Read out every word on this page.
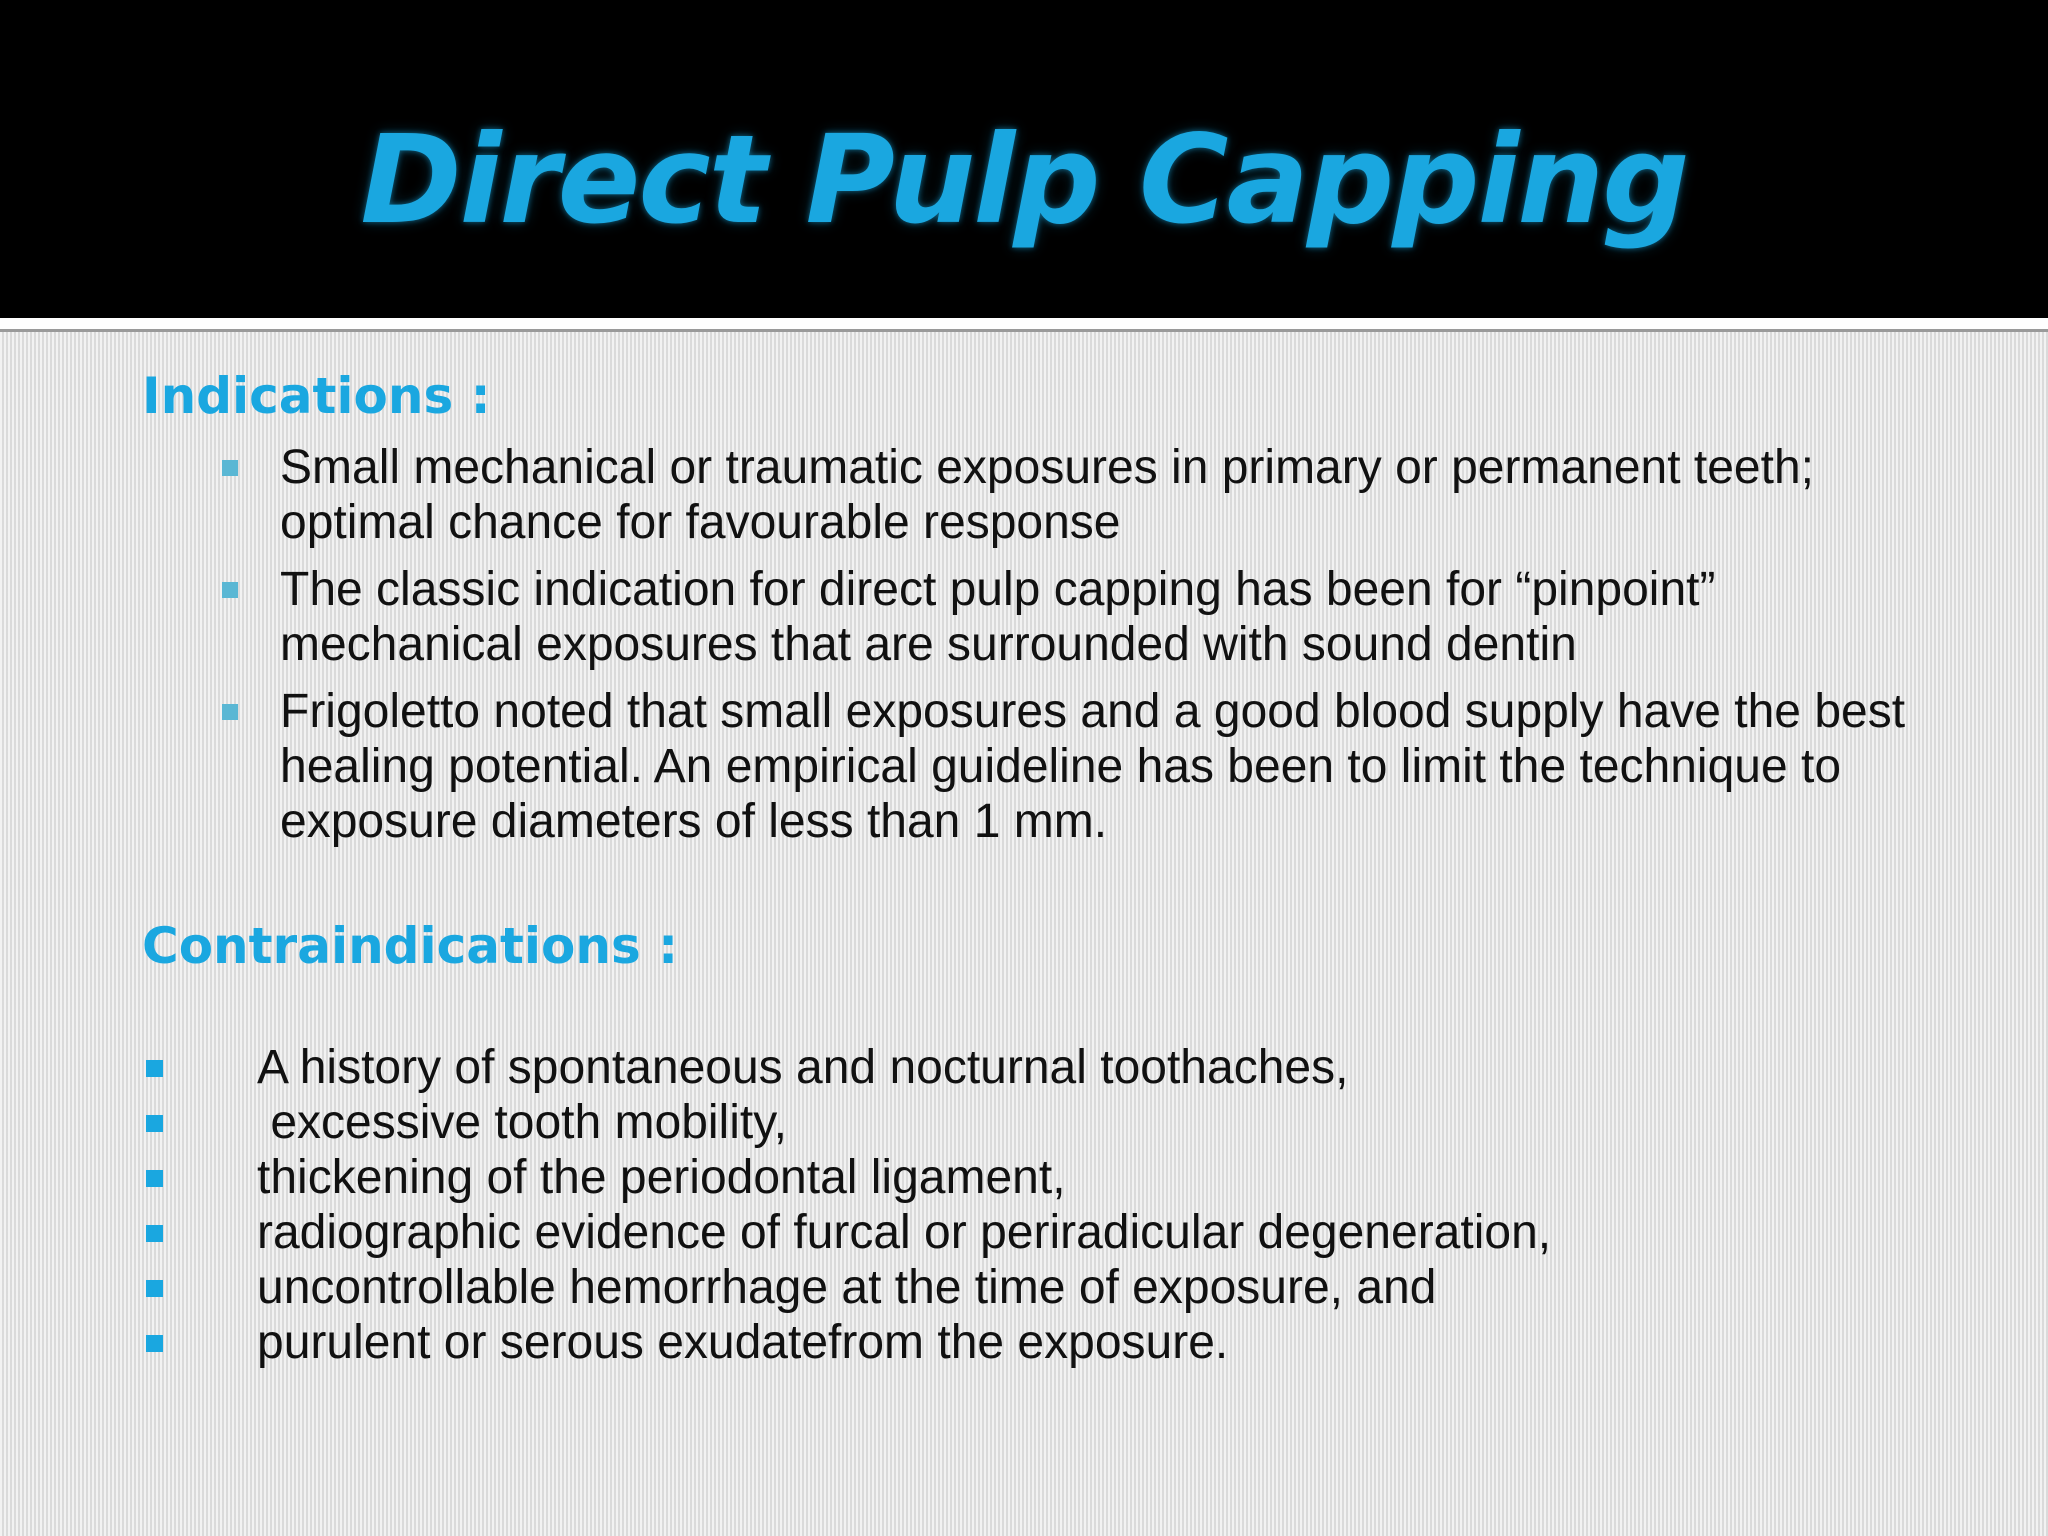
Direct Pulp Capping
Indications :
Small mechanical or traumatic exposures in primary or permanent teeth; optimal chance for favourable response
The classic indication for direct pulp capping has been for “pinpoint” mechanical exposures that are surrounded with sound dentin
Frigoletto noted that small exposures and a good blood supply have the best healing potential. An empirical guideline has been to limit the technique to exposure diameters of less than 1 mm.
Contraindications :
A history of spontaneous and nocturnal toothaches,
excessive tooth mobility,
thickening of the periodontal ligament,
radiographic evidence of furcal or periradicular degeneration,
uncontrollable hemorrhage at the time of exposure, and
purulent or serous exudatefrom the exposure.
